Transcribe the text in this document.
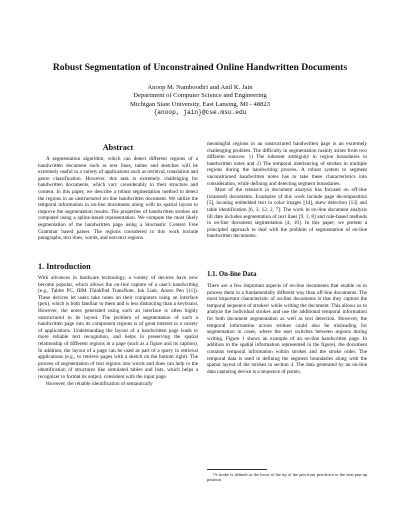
Robust Segmentation of Unconstrained Online Handwritten Documents
Anoop M. Namboodiri and Anil K. Jain
Department of Computer Science and Engineering
Michigan State University, East Lansing, MI - 48823
{anoop, jain}@cse.msu.edu
Abstract

A segmentation algorithm, which can detect different regions of a handwritten document such as text lines, tables and sketches will be extremely useful in a variety of applications such as retrieval, translation and genre classification. However, this task is extremely challenging for handwritten documents, which vary considerably in their structure and content. In this paper, we describe a robust segmentation method to detect the regions in an unstructured on-line handwritten document. We utilize the temporal information in on-line documents along with its spatial layout to improve the segmentation results. The properties of handwritten strokes are computed using a spline-based representation. We compute the most likely segmentation of the handwritten page using a Stochastic Context Free Grammar based parser. The regions considered in this work include paragraphs, text lines, words, and non-text regions.

1. Introduction

With advances in hardware technology, a variety of devices have now become popular, which allows the on-line capture of a user's handwriting (e.g., Tablet PC, IBM ThinkPad TransNote, Ink Link, Anoto Pen [11]). These devices let users take notes on their computers using an interface (pen), which is both familiar to them and is less distracting than a keyboard. However, the notes generated using such an interface is often highly unstructured in its layout. The problem of segmentation of such a handwritten page into its component regions is of great interest in a variety of applications. Understanding the layout of a handwritten page leads to more reliable text recognition, and helps in preserving the spatial relationship of different regions in a page (such as a figure and its caption). In addition, the layout of a page can be used as part of a query in retrieval applications (e.g., to retrieve pages with a sketch on the bottom right). The process of segmentation of text regions into words and lines can help in the identification of structures like simulated tables and lists, which helps a recognizer to format its output, consistent with the input page.

However, the reliable identification of semantically

meaningful regions in an unstructured handwritten page is an extremely challenging problem. The difficulty in segmentation mainly arises from two different sources: 1) The inherent ambiguity in region boundaries in handwritten notes and 2) The temporal interleaving of strokes in multiple regions during the handwriting process. A robust system to segment unconstrained handwritten notes has to take these characteristics into consideration, while defining and detecting segment boundaries.

Most of the research in document analysis has focused on off-line (scanned) documents. Examples of this work include page decomposition [5], locating embedded text in color images [14], skew detection [13] and table identification [6, 3, 12, 2, 7]. The work in on-line document analysis till date includes segmentation of text lines [9, 1, 8] and rule-based methods in on-line document segmentation [4, 10]. In this paper, we present a principled approach to deal with the problem of segmentation of on-line handwritten documents.

1.1. On-line Data

There are a few important aspects of on-line documents that enable us to process them in a fundamentally different way than off-line documents. The most important characteristic of on-line documents is that they capture the temporal sequence of strokes¹ while writing the document. This allows us to analyze the individual strokes and use the additional temporal information for both document segmentation as well as text detection. However, the temporal information across strokes could also be misleading for segmentation in cases, where the user switches between regions during writing. Figure 1 shows an example of an on-line handwritten page. In addition to the spatial information represented in the figure), the document contains temporal information within strokes and the stroke order. The temporal data is used in defining the segment boundaries along with the spatial layout of the strokes in section 4. The data generated by an on-line data capturing device is a sequence of points,

¹A stroke is defined as the locus of the tip of the pen from pen-down to the next pen-up position.
